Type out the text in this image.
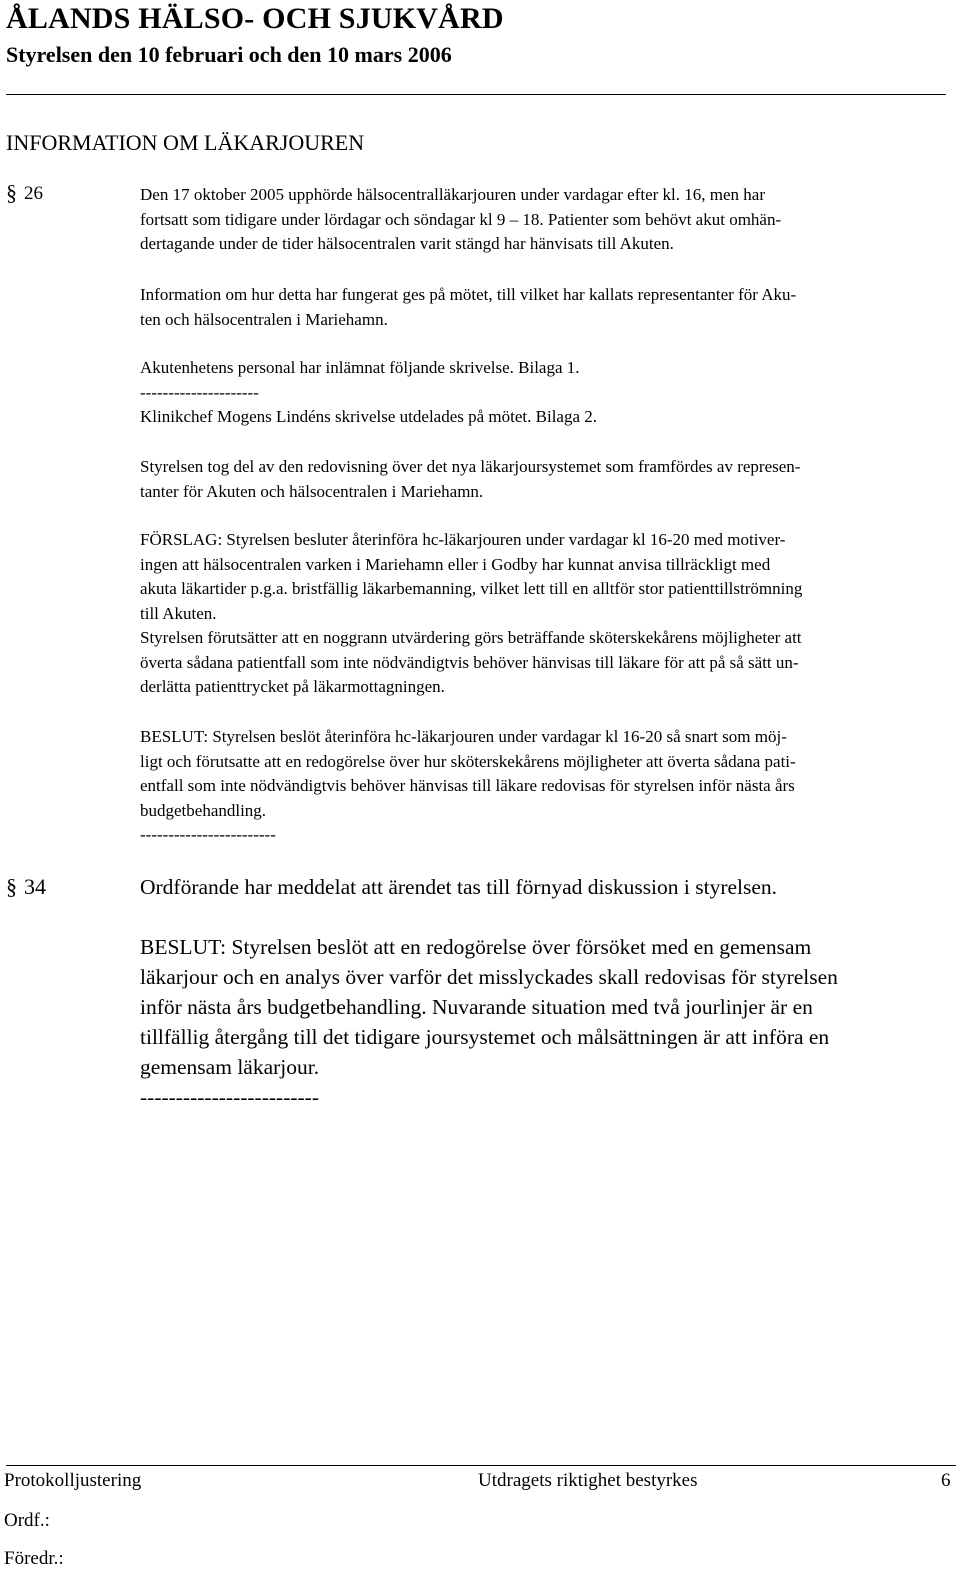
ÅLANDS HÄLSO- OCH SJUKVÅRD
Styrelsen den 10 februari och den 10 mars 2006
INFORMATION OM LÄKARJOUREN
§ 26	Den 17 oktober 2005 upphörde hälsocentralläkarjouren under vardagar efter kl. 16, men har
fortsatt som tidigare under lördagar och söndagar kl 9 – 18. Patienter som behövt akut omhän-
dertagande under de tider hälsocentralen varit stängd har hänvisats till Akuten.
Information om hur detta har fungerat ges på mötet, till vilket har kallats representanter för Aku-
ten och hälsocentralen i Mariehamn.
Akutenhetens personal har inlämnat följande skrivelse. Bilaga 1.
---------------------
Klinikchef Mogens Lindéns skrivelse utdelades på mötet. Bilaga 2.
Styrelsen tog del av den redovisning över det nya läkarjoursystemet som framfördes av represen-
tanter för Akuten och hälsocentralen i Mariehamn.
FÖRSLAG: Styrelsen besluter återinföra hc-läkarjouren under vardagar kl 16-20 med motiver-
ingen att hälsocentralen varken i Mariehamn eller i Godby har kunnat anvisa tillräckligt med
akuta läkartider p.g.a. bristfällig läkarbemanning, vilket lett till en alltför stor patienttillströmning
till Akuten.
Styrelsen förutsätter att en noggrann utvärdering görs beträffande sköterskekårens möjligheter att
överta sådana patientfall som inte nödvändigtvis behöver hänvisas till läkare för att på så sätt un-
derlätta patienttrycket på läkarmottagningen.
BESLUT: Styrelsen beslöt återinföra hc-läkarjouren under vardagar kl 16-20 så snart som möj-
ligt och förutsatte att en redogörelse över hur sköterskekårens möjligheter att överta sådana pati-
entfall som inte nödvändigtvis behöver hänvisas till läkare redovisas för styrelsen inför nästa års
budgetbehandling.
------------------------
§ 34	Ordförande har meddelat att ärendet tas till förnyad diskussion i styrelsen.
BESLUT: Styrelsen beslöt att en redogörelse över försöket med en gemensam
läkarjour och en analys över varför det misslyckades skall redovisas för styrelsen
inför nästa års budgetbehandling. Nuvarande situation med två jourlinjer är en
tillfällig återgång till det tidigare joursystemet och målsättningen är att införa en
gemensam läkarjour.
-------------------------
Protokolljustering	Utdragets riktighet bestyrkes	6
Ordf.:
Föredr.:
